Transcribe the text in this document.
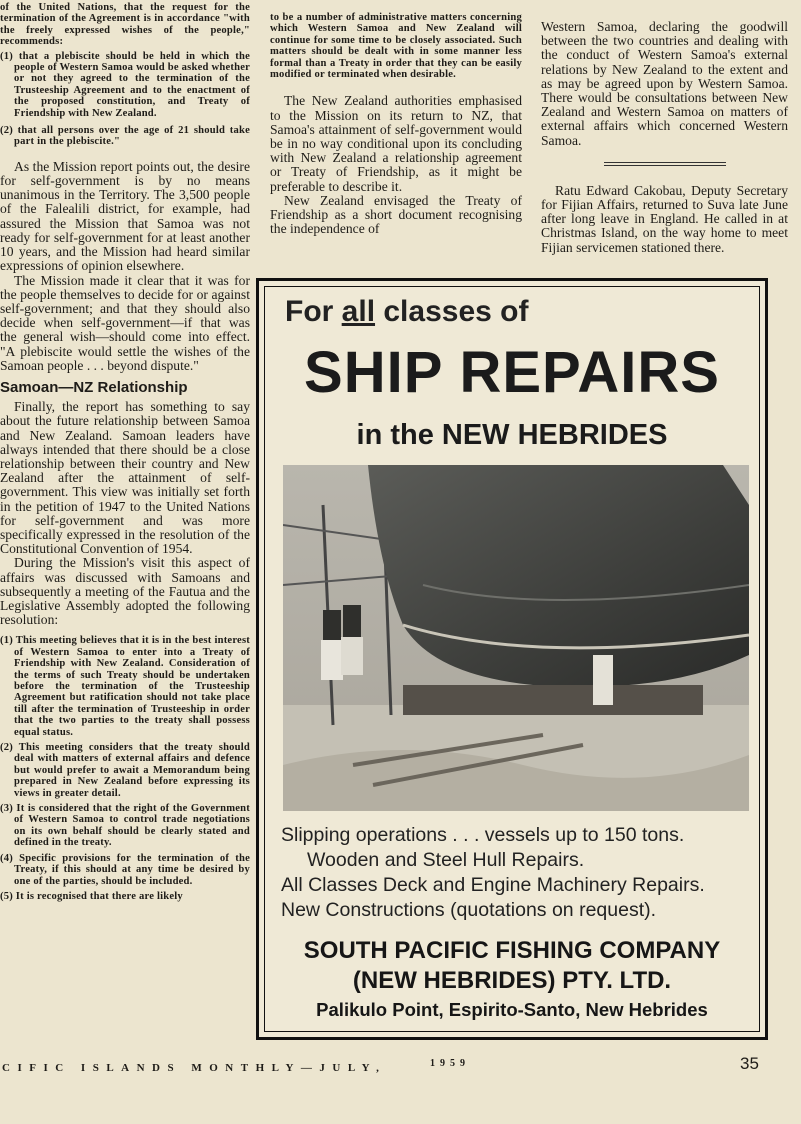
of the United Nations, that the request for the termination of the Agreement is in accordance "with the freely expressed wishes of the people," recommends:

(1) that a plebiscite should be held in which the people of Western Samoa would be asked whether or not they agreed to the termination of the Trusteeship Agreement and to the enactment of the proposed constitution, and Treaty of Friendship with New Zealand.

(2) that all persons over the age of 21 should take part in the plebiscite."

As the Mission report points out, the desire for self-government is by no means unanimous in the Territory. The 3,500 people of the Falealili district, for example, had assured the Mission that Samoa was not ready for self-government for at least another 10 years, and the Mission had heard similar expressions of opinion elsewhere.

The Mission made it clear that it was for the people themselves to decide for or against self-government; and that they should also decide when self-government—if that was the general wish—should come into effect. "A plebiscite would settle the wishes of the Samoan people . . . beyond dispute."

Samoan—NZ Relationship

Finally, the report has something to say about the future relationship between Samoa and New Zealand. Samoan leaders have always intended that there should be a close relationship between their country and New Zealand after the attainment of self-government. This view was initially set forth in the petition of 1947 to the United Nations for self-government and was more specifically expressed in the resolution of the Constitutional Convention of 1954.

During the Mission's visit this aspect of affairs was discussed with Samoans and subsequently a meeting of the Fautua and the Legislative Assembly adopted the following resolution:

(1) This meeting believes that it is in the best interest of Western Samoa to enter into a Treaty of Friendship with New Zealand. Consideration of the terms of such Treaty should be undertaken before the termination of the Trusteeship Agreement but ratification should not take place till after the termination of Trusteeship in order that the two parties to the treaty shall possess equal status.

(2) This meeting considers that the treaty should deal with matters of external affairs and defence but would prefer to await a Memorandum being prepared in New Zealand before expressing its views in greater detail.

(3) It is considered that the right of the Government of Western Samoa to control trade negotiations on its own behalf should be clearly stated and defined in the treaty.

(4) Specific provisions for the termination of the Treaty, if this should at any time be desired by one of the parties, should be included.

(5) It is recognised that there are likely

to be a number of administrative matters concerning which Western Samoa and New Zealand will continue for some time to be closely associated. Such matters should be dealt with in some manner less formal than a Treaty in order that they can be easily modified or terminated when desirable.

The New Zealand authorities emphasised to the Mission on its return to NZ, that Samoa's attainment of self-government would be in no way conditional upon its concluding with New Zealand a relationship agreement or Treaty of Friendship, as it might be preferable to describe it.

New Zealand envisaged the Treaty of Friendship as a short document recognising the independence of

Western Samoa, declaring the goodwill between the two countries and dealing with the conduct of Western Samoa's external relations by New Zealand to the extent and as may be agreed upon by Western Samoa. There would be consultations between New Zealand and Western Samoa on matters of external affairs which concerned Western Samoa.

Ratu Edward Cakobau, Deputy Secretary for Fijian Affairs, returned to Suva late June after long leave in England. He called in at Christmas Island, on the way home to meet Fijian servicemen stationed there.

For all classes of
SHIP REPAIRS
in the NEW HEBRIDES
Slipping operations . . . vessels up to 150 tons.
Wooden and Steel Hull Repairs.
All Classes Deck and Engine Machinery Repairs.
New Constructions (quotations on request).
SOUTH PACIFIC FISHING COMPANY
(NEW HEBRIDES) PTY. LTD.
Palikulo Point, Espirito-Santo, New Hebrides
CIFIC ISLANDS MONTHLY—JULY,	1959	35
